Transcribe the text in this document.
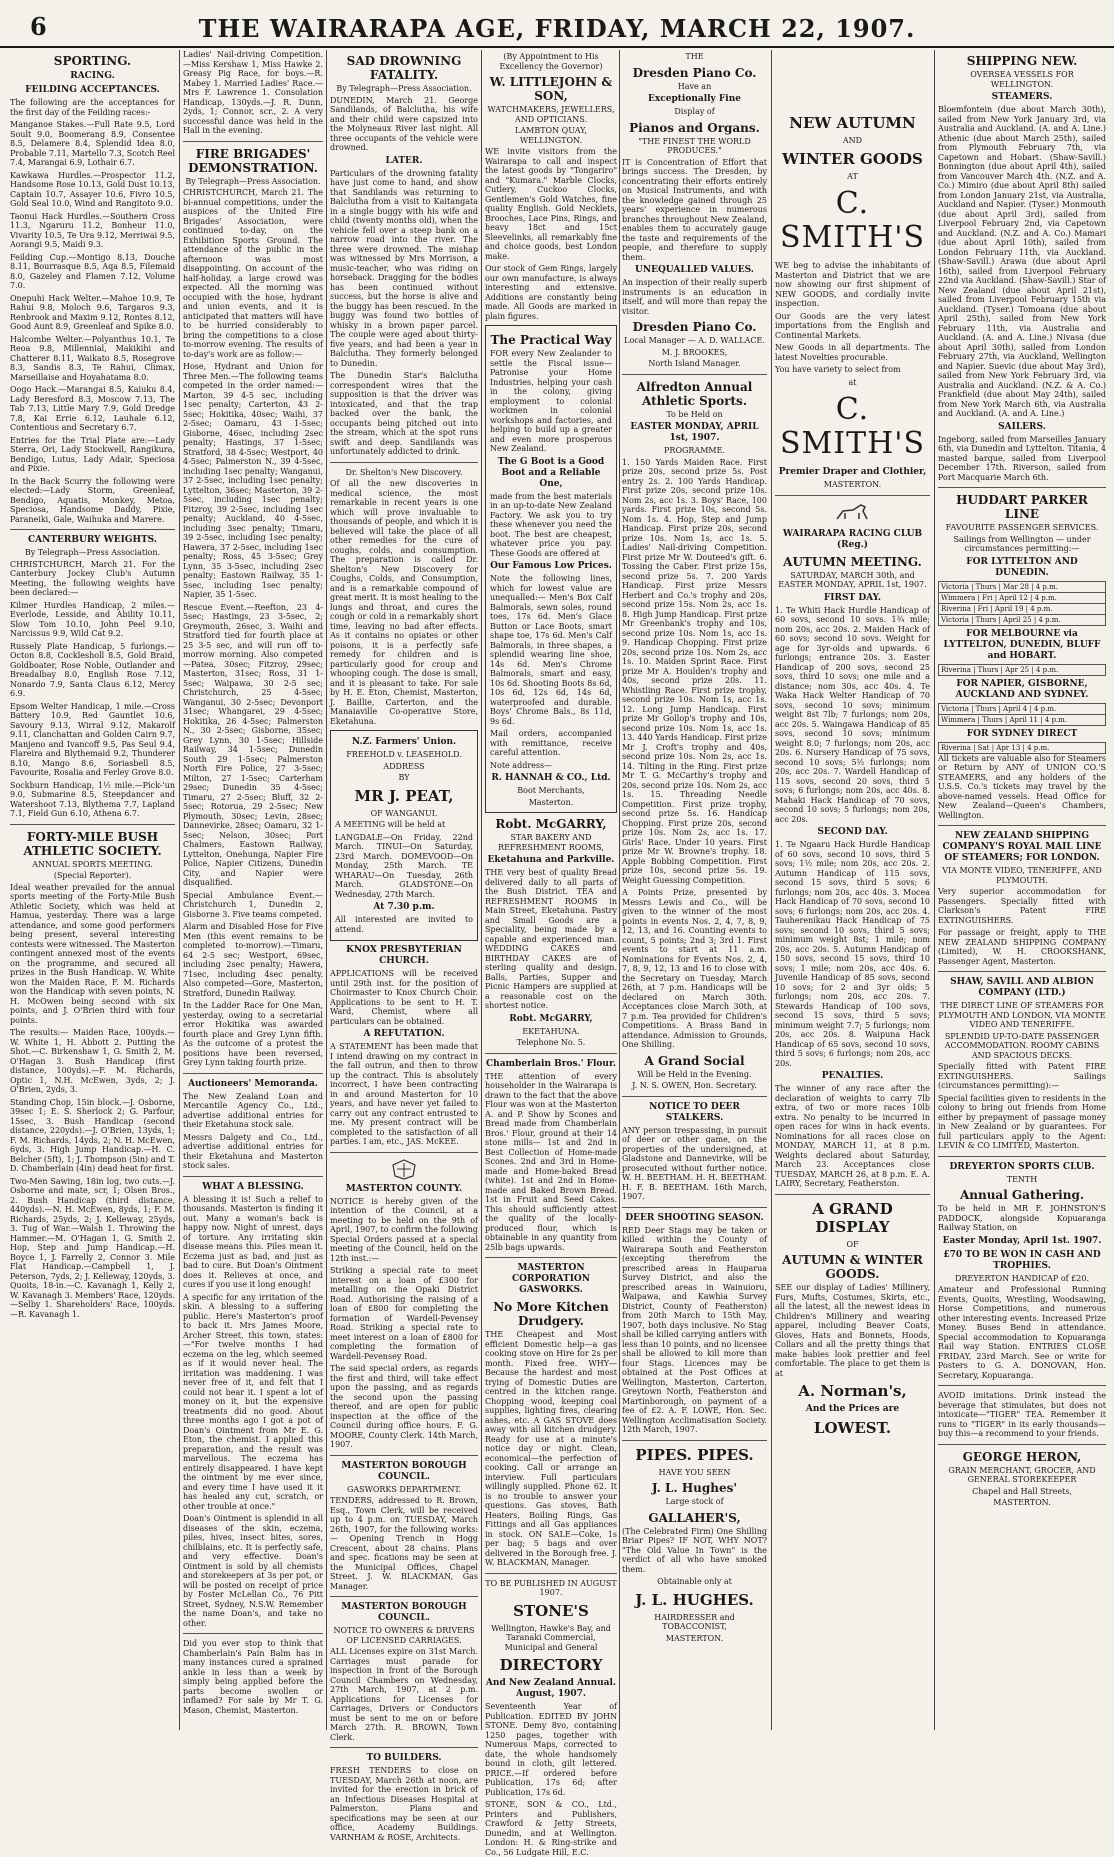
6	THE WAIRARAPA AGE, FRIDAY, MARCH 22, 1907.
SPORTING.
RACING.
FEILDING ACCEPTANCES.

The following are the acceptances for the first day of the Feilding races:-

Manganoe Stakes.—Full Rate 9.5, Lord Soult 9.0, Boomerang 8.9, Consentee 8.5, Delamere 8.4, Splendid Idea 8.0, Probable 7.11, Martello 7.3, Scotch Reel 7.4, Marangai 6.9, Lothair 6.7.

Kawkawa Hurdles.—Prospector 11.2, Handsome Rose 10.13, Gold Dust 10.13, Captain 10.7, Assayer 10.6, Fivro 10.5, Gold Seal 10.0, Wind and Rangitoto 9.0.

Taonui Hack Hurdles.—Southern Cross 11.3, Ngaruru 11.2, Bonheur 11.0, Vivarity 10.5, Te Ura 9.12, Merriwai 9.5, Aorangi 9.5, Maidi 9.3.

Feilding Cup.—Montigo 8.13, Douche 8.11, Bourrasque 8.5, Aqa 8.5, Filemaid 8.0, Gazeley and Flamen 7.12, Volume 7.0.

Onepuhi Hack Welter.—Mahoe 10.9, Te Rahui 9.8, Moloch 9.6, Targaros 9.3, Renbrook and Maxim 9.12, Rontes 8.12, Good Aunt 8.9, Greenleaf and Spike 8.0.

Halcombe Welter.—Polyanthus 10.1, Te Reoa 9.8, Millennial, Makikihi and Chatterer 8.11, Waikato 8.5, Rosegrove 8.3, Sandis 8.3, Te Rahui, Climax, Marseillaise and Hoyahatama 8.0.

Oogo Hack.—Marangai 8.5, Kaiuku 8.4, Lady Beresford 8.3, Moscow 7.13, The Tab 7.13, Little Mary 7.9, Gold Dredge 7.8, Kai Errie 6.12, Lauhale 6.12, Contentious and Secretary 6.7.

Entries for the Trial Plate are:—Lady Sterra, Ori, Lady Stockwell, Rangikura, Bendigo, Lutus, Lady Adair, Speciosa and Pixie.

In the Back Scurry the following were elected:—Lady Storm, Greenleaf, Bendigo, Aquatis, Monkey, Metoa, Speciosa, Handsome Daddy, Pixie, Paraneiki, Gale, Waihuka and Marere.

CANTERBURY WEIGHTS.
By Telegraph—Press Association.

CHRISTCHURCH, March 21. For the Canterbury Jockey Club's Autumn Meeting, the following weights have been declared:—

Kilmer Hurdles Handicap, 2 miles.—Everlode, Lesside, and Ability 10.11, Slow Tom 10.10, John Peel 9.10, Narcissus 9.9, Wild Cat 9.2.

Russely Plate Handicap, 5 furlongs.—Octon 8.8, Cocklesholl 8.5, Gold Braid, Goldboater, Rose Noble, Outlander and Breadalbay 8.0, English Rose 7.12, Nonardo 7.9, Santa Claus 6.12, Mercy 6.9.

Epsom Welter Handicap, 1 mile.—Cross Battery 10.9, Red Gauntlet 10.6, Savoury 9.13, Wirral 9.12, Makarolf 9.11, Clanchattan and Golden Cairn 9.7, Manjeno and Ivancoff 9.5, Pas Seul 9.4, Flareira and Blythemaid 9.2, Thunderer 8.10, Mango 8.6, Soriasbell 8.5, Favourite, Rosalia and Ferley Grove 8.0.

Sockburn Handicap, 1½ mile.—Pick-'un 9.0, Submarine 8.5, Steepdancer and Watershoot 7.13, Blythema 7.7, Lapland 7.1, Field Gun 6.10, Athena 6.7.

FORTY-MILE BUSH ATHLETIC SOCIETY.
ANNUAL SPORTS MEETING.
(Special Reporter).

Ideal weather prevailed for the annual sports meeting of the Forty-Mile Bush Athletic Society, which was held at Hamua, yesterday. There was a large attendance, and some good performers being present, several interesting contests were witnessed. The Masterton contingent annexed most of the events on the programme, and secured all prizes in the Bush Handicap. W. White won the Maiden Race, F. M. Richards won the Handicap with seven points, N. H. McOwen being second with six points, and J. O'Brien third with four points.

The results:— Maiden Race, 100yds.—W. White 1, H. Abbott 2. Putting the Shot.—C. Birkenshaw 1, G. Smith 2, M. O'Hagan 3. Bush Handicap (first distance, 100yds).—F. M. Richards, Optic 1, N.H. McEwen, 3yds, 2; J. O'Brien, 2yds, 3.

Standing Chop, 15in block.—J. Osborne, 39sec 1; E. S. Sherlock 2; G. Parfour, 15sec, 3. Bush Handicap (second distance, 220yds).—J. O'Brien, 13yds, 1; F. M. Richards, 14yds, 2; N. H. McEwen, 6yds, 3. High Jump Handicap.—H. C. Belcher (5ft), 1; J. Thompson (5in) and T. D. Chamberlain (4in) dead heat for first.

Two-Men Sawing, 18in log, two cuts.—J. Osborne and mate, scr, 1; Olsen Bros., 2. Bush Handicap (third distance, 440yds).—N. H. McEwen, 8yds, 1; F. M. Richards, 25yds, 2; J. Kelleway, 25yds, 3. Tug of War.—Walsh 1. Throwing the Hammer.—M. O'Hagan 1, G. Smith 2. Hop, Step and Jump Handicap.—H. Boyce 1, J. Farrelly 2, Connor 3. Mile Flat Handicap.—Campbell 1, J. Peterson, 7yds, 2; J. Kelleway, 120yds, 3. Quoits, 18-in.—C. Kavanagh 1, Kelly 2, W. Kavanagh 3. Members' Race, 120yds.—Selby 1. Shareholders' Race, 100yds.—R. Kavanagh 1.

Ladies' Nail-driving Competition.—Miss Kershaw 1, Miss Hawke 2. Greasy Pig Race, for boys.—R. Mabey 1. Married Ladies' Race.—Mrs F. Lawrence 1. Consolation Handicap, 130yds.—J. R. Dunn, 2yds, 1; Connor, scr., 2. A very successful dance was held in the Hall in the evening.

FIRE BRIGADES' DEMONSTRATION.
By Telegraph—Press Association.

CHRISTCHURCH, March 21. The bi-annual competitions, under the auspices of the United Fire Brigades' Association, were continued to-day, on the Exhibition Sports Ground. The attendance of the public in the afternoon was most disappointing. On account of the half-holiday, a large crowd was expected. All the morning was occupied with the hose, hydrant and union events, and it is anticipated that matters will have to be hurried considerably to bring the competitions to a close to-morrow evening. The results of to-day's work are as follow:—

Hose, Hydrant and Union for Three Men.—The following teams competed in the order named:—Marton, 39 4-5 sec, including 1sec penalty; Carterton, 43 2-5sec; Hokitika, 40sec; Waihi, 37 2-5sec; Oamaru, 43 1-5sec; Gisborne, 46sec, including 2sec penalty; Hastings, 37 1-5sec; Stratford, 38 4-5sec; Westport, 40 4-5sec; Palmerston N., 39 4-5sec, including 1sec penalty; Wanganui, 37 2-5sec, including 1sec penalty; Lyttelton, 36sec; Masterton, 39 2-5sec, including 1sec penalty; Fitzroy, 39 2-5sec, including 1sec penalty; Auckland, 40 4-5sec, including 3sec penalty; Timaru, 39 2-5sec, including 1sec penalty; Hawera, 37 2-5sec, including 1sec penalty; Ross, 45 3-5sec; Grey Lynn, 35 3-5sec, including 2sec penalty; Eastown Railway, 35 1-5sec, including 1sec penalty; Napier, 35 1-5sec.

Rescue Event.—Reefton, 23 4-5sec; Hastings, 23 3-5sec, 2; Greymouth, 26sec, 3. Waihi and Stratford tied for fourth place at 25 3-5 sec, and will run off to-morrow morning. Also competed—Patea, 30sec; Fitzroy, 29sec; Masterton, 31sec; Ross, 31 1-5sec; Waipawa, 30 2-5 sec; Christchurch, 25 4-5sec; Wanganui, 30 2-5sec; Devonport 31sec; Whangarei, 29 4-5sec; Hokitika, 26 4-5sec; Palmerston N., 30 2-5sec; Gisborne, 35sec; Grey Lynn, 30 1-5sec; Hillside Railway, 34 1-5sec; Dunedin South 29 1-5sec; Palmerston North Fire Police, 27 3-5sec; Milton, 27 1-5sec; Carterham 29sec; Dunedin 35 4-5sec; Timaru, 27 2-5sec; Bluff, 32 2-5sec; Rotorua, 29 2-5sec; New Plymouth, 30sec; Levin, 28sec; Dannevirke, 28sec; Oamaru, 32 1-5sec; Nelson, 30sec; Port Chalmers, Eastown Railway, Lyttelton, Onehunga, Napier Fire Police, Napier Citizens, Dunedin City, and Napier were disqualified.

Special Ambulance Event.—Christchurch 1, Dunedin 2, Gisborne 3. Five teams competed.

Alarm and Disabled Hose for Five Men (this event remains to be completed to-morrow).—Timaru, 64 2-5 sec; Westport, 69sec, including 2sec penalty; Hawera, 71sec, including 4sec penalty. Also competed—Gore, Masterton, Stratford, Dunedin Railway.

In the Ladder Race for One Man, yesterday, owing to a secretarial error Hokitika was awarded fourth place and Grey Lynn fifth. As the outcome of a protest the positions have been reversed, Grey Lynn taking fourth prize.

Auctioneers' Memoranda.

The New Zealand Loan and Mercantile Agency Co., Ltd., advertise additional entries for their Eketahuna stock sale.

Messrs Dalgety and Co., Ltd., advertise additional entries for their Eketahuna and Masterton stock sales.

WHAT A BLESSING.

A blessing it is! Such a relief to thousands. Masterton is finding it out. Many a woman's back is happy now. Night of unrest, days of torture. Any irritating skin disease means this. Piles mean it. Eczema just as bad, and just as bad to cure. But Doan's Ointment does it. Relieves at once, and cures if you use it long enough!

A specific for any irritation of the skin. A blessing to a suffering public. Here's Masterton's proof to back it. Mrs James Moore, Archer Street, this town, states:—"For twelve months I had eczema on the leg, which seemed as if it would never heal. The irritation was maddening. I was never free of it, and felt that I could not bear it. I spent a lot of money on it, but the expensive treatments did no good. About three months ago I got a pot of Doan's Ointment from Mr E. G. Eton, the chemist. I applied this preparation, and the result was marvellous. The eczema has entirely disappeared. I have kept the ointment by me ever since, and every time I have used it it has healed any cut, scratch, or other trouble at once."

Doan's Ointment is splendid in all diseases of the skin, eczema, piles, hives, insect bites, sores, chilblains, etc. It is perfectly safe, and very effective. Doan's Ointment is sold by all chemists and storekeepers at 3s per pot, or will be posted on receipt of price by Foster McLellan Co., 76 Pitt Street, Sydney, N.S.W. Remember the name Doan's, and take no other.

Did you ever stop to think that Chamberlain's Pain Balm has in many instances cured a sprained ankle in less than a week by simply being applied before the parts become swollen or inflamed? For sale by Mr T. G. Mason, Chemist, Masterton.

SAD DROWNING FATALITY.
By Telegraph—Press Association.

DUNEDIN, March 21. George Sandilands, of Balclutha, his wife and their child were capsized into the Molyneaux River last night. All three occupants of the vehicle were drowned.

LATER.

Particulars of the drowning fatality have just come to hand, and show that Sandilands was returning to Balclutha from a visit to Kaitangata in a single buggy with his wife and child (twenty months old), when the vehicle fell over a steep bank on a narrow road into the river. The three were drowned. The mishap was witnessed by Mrs Morrison, a music-teacher, who was riding on horseback. Dragging for the bodies has been continued without success, but the horse is alive and the buggy has been rescued. In the buggy was found two bottles of whisky in a brown paper parcel. The couple were aged about thirty-five years, and had been a year in Balclutha. They formerly belonged to Dunedin.

The Dunedin Star's Balclutha correspondent wires that the supposition is that the driver was intoxicated, and that the trap backed over the bank, the occupants being pitched out into the stream, which at the spot runs swift and deep. Sandilands was unfortunately addicted to drink.

Dr. Shelton's New Discovery.

Of all the new discoveries in medical science, the most remarkable in recent years is one which will prove invaluable to thousands of people, and which it is believed will take the place of all other remedies for the cure of coughs, colds, and consumption. The preparation is called Dr. Shelton's New Discovery for Coughs, Colds, and Consumption, and is a remarkable compound of great merit. It is most healing to the lungs and throat, and cures the cough or cold in a remarkably short time, leaving no bad after effects. As it contains no opiates or other poisons, it is a perfectly safe remedy for children and is particularly good for croup and whooping cough. The dose is small, and it is pleasant to take. For sale by H. E. Eton, Chemist, Masterton, J. Baillie, Carterton, and the Manaiaville Co-operative Store, Eketahuna.

N.Z. Farmers' Union.
FREEHOLD v. LEASEHOLD.
ADDRESS
BY
MR J. PEAT,
OF WANGANUI.

A MEETING will be held at

LANGDALE—On Friday, 22nd March. TINUI—On Saturday, 23rd March. DOMEVOOD—On Monday, 25th March. TE WHARAU—On Tuesday, 26th March. GLADSTONE—On Wednesday, 27th March.

At 7.30 p.m.

All interested are invited to attend.

KNOX PRESBYTERIAN CHURCH.

APPLICATIONS will be received until 29th inst. for the position of Choirmaster to Knox Church Choir. Applications to be sent to H. T. Ward, Chemist, where all particulars can be obtained.

A REFUTATION.

A STATEMENT has been made that I intend drawing on my contract in the fall outrun, and then to throw up the contract. This is absolutely incorrect, I have been contracting in and around Masterton for 10 years, and have never yet failed to carry out any contract entrusted to me. My present contract will be completed to the satisfaction of all parties. I am, etc., JAS. McKEE.

MASTERTON COUNTY.

NOTICE is hereby given of the intention of the Council, at a meeting to be held on the 9th of April, 1907, to confirm the following Special Orders passed at a special meeting of the Council, held on the 12th inst.:—

Striking a special rate to meet interest on a loan of £300 for metalling on the Opaki District Road. Authorising the raising of a loan of £800 for completing the formation of Wardell-Pevensey Road. Striking a special rate to meet interest on a loan of £800 for completing the formation of Wardell-Pevensey Road.

The said special orders, as regards the first and third, will take effect upon the passing, and as regards the second upon the passing thereof, and are open for public inspection at the office of the Council during office hours. F. G. MOORE, County Clerk. 14th March, 1907.

MASTERTON BOROUGH COUNCIL.
GASWORKS DEPARTMENT.

TENDERS, addressed to R. Brown, Esq., Town Clerk, will be received up to 4 p.m. on TUESDAY, March 26th, 1907, for the following works:— Opening Trench in Hogg Crescent, about 28 chains. Plans and spec. fications may be seen at the Municipal Offices, Chapel Street. J. W. BLACKMAN, Gas Manager.

MASTERTON BOROUGH COUNCIL.
NOTICE TO OWNERS & DRIVERS OF LICENSED CARRIAGES.

ALL Licenses expire on 31st March. Carriages must parade for inspection in front of the Borough Council Chambers on Wednesday, 27th March, 1907, at 2 p.m. Applications for Licenses for Carriages, Drivers or Conductors must be sent to me on or before March 27th. R. BROWN, Town Clerk.

TO BUILDERS.

FRESH TENDERS to close on TUESDAY, March 26th at noon, are invited for the erection in brick of an Infectious Diseases Hospital at Palmerston. Plans and specifications may be seen at our office, Academy Buildings. VARNHAM & ROSE, Architects.

(By Appointment to His Excellency the Governor)
W. LITTLEJOHN & SON,
WATCHMAKERS, JEWELLERS, AND OPTICIANS.
LAMBTON QUAY, WELLINGTON.

WE invite visitors from the Wairarapa to call and inspect the latest goods by "Tongariro" and "Kumara." Marble Clocks, Cutlery, Cuckoo Clocks, Gentlemen's Gold Watches, fine quality English. Gold Necklets, Brooches, Lace Pins, Rings, and heavy 18ct and 15ct Sleevelinks, all remarkably fine and choice goods, best London make.

Our stock of Gem Rings, largely our own manufacture, is always interesting and extensive. Additions are constantly being made. All Goods are marked in plain figures.

The Practical Way

FOR every New Zealander to settle the Fiscal issue—Patronise your Home Industries, helping your cash in the colony, giving employment to colonial workmen in colonial workshops and factories, and helping to build up a greater and even more prosperous New Zealand.

The G Boot is a Good Boot and a Reliable One,

made from the best materials in an up-to-date New Zealand Factory. We ask you to try these whenever you need the boot. The best are cheapest, whatever price you pay. These Goods are offered at

Our Famous Low Prices.

Note the following lines, which for lowest value are unequalled:— Men's Box Calf Balmorals, sewn soles, round toes, 17s 6d. Men's Glace Button or Lace Boots, smart shape toe, 17s 6d. Men's Calf Balmorals, in three shapes, a splendid wearing line shoe, 14s 6d. Men's Chrome Balmorals, smart and easy, 10s 6d. Shooting Boots 8s 6d, 10s 6d, 12s 6d, 14s 6d, waterproofed and durable. Boys' Chrome Bals., 8s 11d, 9s 6d.

Mail orders, accompanied with remittance, receive careful attention.

Note address—

R. HANNAH & CO., Ltd.
Boot Merchants,
Masterton.
Robt. McGARRY,
STAR BAKERY AND REFRESHMENT ROOMS,
Eketahuna and Parkville.

THE very best of quality Bread delivered daily to all parts of the Bush District. TEA and REFRESHMENT ROOMS in Main Street, Eketahuna. Pastry and Small Goods are a Speciality, being made by a capable and experienced man. WEDDING CAKES and BIRTHDAY CAKES are of sterling quality and design. Balls, Parties, Supper and Picnic Hampers are supplied at a reasonable cost on the shortest notice.

Robt. McGARRY,
EKETAHUNA.
Telephone No. 5.
Chamberlain Bros.' Flour.

THE attention of every householder in the Wairarapa is drawn to the fact that the above Flour was won at the Masterton A. and P. Show by Scones and Bread made from Chamberlain Bros.' Flour, ground at their 14 stone mills— 1st and 2nd in Best Collection of Home-made Scones. 2nd and 3rd in Home-made and Home-baked Bread (white). 1st and 2nd in Home-made and Baked Brown Bread. 1st in Fruit and Seed Cakes. This should sufficiently attest the quality of the locally-produced flour, which is obtainable in any quantity from 25lb bags upwards.

MASTERTON CORPORATION GASWORKS.
No More Kitchen Drudgery.

THE Cheapest and Most efficient Domestic help—a gas cooking stove on Hire for 2s per month. Fixed free. WHY—Because the hardest and most trying of Domestic Duties are centred in the kitchen range. Chopping wood, keeping coal supplies, lighting fires, clearing ashes, etc. A GAS STOVE does away with all kitchen drudgery. Ready for use at a minute's notice day or night. Clean, economical—the perfection of cooking. Call or arrange an interview. Full particulars willingly supplied. Phone 62. It is no trouble to answer your questions. Gas stoves, Bath Heaters, Boiling Rings, Gas Fittings and all Gas appliances in stock. ON SALE—Coke, 1s per bag; 5 bags and over delivered in the Borough free. J. W. BLACKMAN, Manager.

TO BE PUBLISHED IN AUGUST 1907.
STONE'S
Wellington, Hawke's Bay, and Taranaki Commercial, Municipal and General
DIRECTORY
And New Zealand Annual. August, 1907.

Seventeenth Year of Publication. EDITED BY JOHN STONE. Demy 8vo, containing 1250 pages, together with Numerous Maps, corrected to date, the whole handsomely bound in cloth, gilt lettered. PRICE.—If ordered before Publication, 17s 6d; after Publication, 17s 6d.

STONE, SON & CO., Ltd., Printers and Publishers, Crawford & Jetty Streets, Dunedin, and at Wellington. London: H. & Ring-strike and Co., 56 Ludgate Hill, E.C.

THE
Dresden Piano Co.
Have an
Exceptionally Fine
Display of
Pianos and Organs.
"THE FINEST THE WORLD PRODUCES."

IT is Concentration of Effort that brings success. The Dresden, by concentrating their efforts entirely on Musical Instruments, and with the knowledge gained through 25 years' experience in numerous branches throughout New Zealand, enables them to accurately gauge the taste and requirements of the people, and therefore to supply them.

UNEQUALLED VALUES.

An inspection of their really superb instruments is an education in itself, and will more than repay the visitor.

Dresden Piano Co.
Local Manager — A. D. WALLACE.
M. J. BROOKES,
North Island Manager.
Alfredton Annual Athletic Sports.
To be Held on
EASTER MONDAY, APRIL 1st, 1907.
PROGRAMME.

1. 150 Yards Maiden Race. First prize 20s, second prize 5s. Post entry 2s. 2. 100 Yards Handicap. First prize 20s, second prize 10s. Nom 2s, acc 1s. 3. Boys' Race, 100 yards. First prize 10s, second 5s. Nom 1s. 4. Hop, Step and Jump Handicap. First prize 20s, second prize 10s. Nom 1s, acc 1s. 5. Ladies' Nail-driving Competition. First prize Mr W. Douteed's gift. 6. Tossing the Caber. First prize 15s, second prize 5s. 7. 200 Yards Handicap. First prize Messrs Herbert and Co.'s trophy and 20s, second prize 15s. Nom 2s, acc 1s. 8. High Jump Handicap. First prize Mr Greenbank's trophy and 10s, second prize 10s. Nom 1s, acc 1s. 9. Handicap Chopping. First prize 20s, second prize 10s. Nom 2s, acc 1s. 10. Maiden Sprint Race. First prize Mr A. Houlden's trophy and 40s, second prize 20s. 11. Whistling Race. First prize trophy, second prize 10s. Nom 1s, acc 1s. 12. Long Jump Handicap. First prize Mr Gollop's trophy and 10s, second prize 10s. Nom 1s, acc 1s. 13. 440 Yards Handicap. First prize Mr J. Croft's trophy and 40s, second prize 10s. Nom 2s, acc 1s. 14. Tilting in the Ring. First prize Mr T. G. McCarthy's trophy and 20s, second prize 10s. Nom 2s, acc 1s. 15. Threading Needle Competition. First prize trophy, second prize 5s. 16. Handicap Chopping. First prize 20s, second prize 10s. Nom 2s, acc 1s. 17. Girls' Race. Under 10 years. First prize Mr W. Browne's trophy. 18. Apple Bobbing Competition. First prize 10s, second prize 5s. 19. Weight Guessing Competition.

A Points Prize, presented by Messrs Lewis and Co., will be given to the winner of the most points in events Nos. 2, 4, 7, 8, 9, 12, 13, and 16. Counting events to count, 5 points; 2nd 3; 3rd 1. First events to start at 11 a.m. Nominations for Events Nos. 2, 4, 7, 8, 9, 12, 13 and 16 to close with the Secretary on Tuesday, March 26th, at 7 p.m. Handicaps will be declared on March 30th. Acceptances close March 30th, at 7 p.m. Tea provided for Children's Competitions. A Brass Band in attendance. Admission to Grounds, One Shilling.

A Grand Social
Will be Held in the Evening.
J. N. S. OWEN, Hon. Secretary.
NOTICE TO DEER STALKERS.

ANY person trespassing, in pursuit of deer or other game, on the properties of the undersigned, at Gladstone and Dannevirke, will be prosecuted without further notice. W. H. BEETHAM. H. H. BEETHAM. H. F. B. BEETHAM. 16th March, 1907.

DEER SHOOTING SEASON.

RED Deer Stags may be taken or killed within the County of Wairarapa South and Featherston (excepting therefrom the prescribed areas in Hauparua Survey District, and also the prescribed areas in Wainuioru, Waipawa, and Kawhia Survey District, County of Featherston) from 20th March to 15th May, 1907, both days inclusive. No Stag shall be killed carrying antlers with less than 10 points, and no licensee shall be allowed to kill more than four Stags. Licences may be obtained at the Post Offices at Wellington, Masterton, Carterton, Greytown North, Featherston and Martinborough, on payment of a fee of £2. A. F. LOWE, Hon. Sec. Wellington Acclimatisation Society. 12th March, 1907.

PIPES. PIPES.
HAVE YOU SEEN
J. L. Hughes'
Large stock of
GALLAHER'S,

(The Celebrated Firm) One Shilling Briar Pipes? IF NOT, WHY NOT? "The Old Value In Town" is the verdict of all who have smoked them.

Obtainable only at
J. L. HUGHES.
HAIRDRESSER and TOBACCONIST,
MASTERTON.
NEW AUTUMN
AND
WINTER GOODS
AT
C. SMITH'S

WE beg to advise the inhabitants of Masterton and District that we are now showing our first shipment of NEW GOODS, and cordially invite inspection.

Our Goods are the very latest importations from the English and Continental Markets.

New Goods in all departments. The latest Novelties procurable.

You have variety to select from

at
C. SMITH'S
Premier Draper and Clothier,
MASTERTON.
WAIRARAPA RACING CLUB (Reg.)
AUTUMN MEETING.
SATURDAY, MARCH 30th, and EASTER MONDAY, APRIL 1st, 1907.
FIRST DAY.

1. Te Whiti Hack Hurdle Handicap of 60 sovs, second 10 sovs. 1¾ mile; nom 20s, acc 20s. 2. Maiden Hack of 60 sovs; second 10 sovs. Weight for age for 3yr-olds and upwards. 6 furlongs; entrance 20s. 3. Easter Handicap of 200 sovs, second 25 sovs, third 10 sovs; one mile and a distance; nom 30s, acc 40s. 4. Te Waka Hack Welter Handicap of 70 sovs, second 10 sovs; minimum weight 8st 7lb; 7 furlongs; nom 20s, acc 20s. 5. Waingawa Handicap of 85 sovs, second 10 sovs; minimum weight 8.0; 7 furlongs; nom 20s, acc 20s. 6. Nursery Handicap of 75 sovs, second 10 sovs; 5½ furlongs; nom 20s, acc 20s. 7. Wardell Handicap of 115 sovs, second 20 sovs, third 5 sovs; 6 furlongs; nom 20s, acc 40s. 8. Mahaki Hack Handicap of 70 sovs, second 10 sovs; 5 furlongs; nom 20s, acc 20s.

SECOND DAY.

1. Te Ngaaru Hack Hurdle Handicap of 60 sovs, second 10 sovs, third 5 sovs; 1½ mile; nom 20s, acc 20s. 2. Autumn Handicap of 115 sovs, second 15 sovs, third 5 sovs; 6 furlongs; nom 20s, acc 40s. 3. Mocea Hack Handicap of 70 sovs, second 10 sovs; 6 furlongs; nom 20s, acc 20s. 4. Tauherenikau Hack Handicap of 75 sovs; second 10 sovs, third 5 sovs; minimum weight 8st; 1 mile; nom 20s, acc 20s. 5. Autumn Handicap of 150 sovs, second 15 sovs, third 10 sovs; 1 mile; nom 20s, acc 40s. 6. Juvenile Handicap of 85 sovs, second 10 sovs; for 2 and 3yr olds; 5 furlongs; nom 20s, acc 20s. 7. Stewards Handicap of 100 sovs, second 15 sovs, third 5 sovs; minimum weight 7.7; 5 furlongs; nom 20s, acc 20s. 8. Waipuna Hack Handicap of 65 sovs, second 10 sovs, third 5 sovs; 6 furlongs; nom 20s, acc 20s.

PENALTIES.

The winner of any race after the declaration of weights to carry 7lb extra, of two or more races 10lb extra. No penalty to be incurred in open races for wins in hack events. Nominations for all races close on MONDAY, MARCH 11, at 8 p.m. Weights declared about Saturday, March 23. Acceptances close TUESDAY, MARCH 26, at 8 p.m. E. A. LAIRY, Secretary, Featherston.

A GRAND DISPLAY
OF
AUTUMN & WINTER GOODS.

SEE our display of Ladies' Millinery, Furs, Mufts, Costumes, Skirts, etc., all the latest, all the newest ideas in Children's Millinery and wearing apparel, including Beaver Coats, Gloves, Hats and Bonnets, Hoods, Collars and all the pretty things that make babies look prettier and feel comfortable. The place to get them is at

A. Norman's,
And the Prices are
LOWEST.
SHIPPING NEW.
OVERSEA VESSELS FOR WELLINGTON.
STEAMERS.

Bloemfontein (due about March 30th), sailed from New York January 3rd, via Australia and Auckland. (A. and A. Line.) Athenic (due about March 25th), sailed from Plymouth February 7th, via Capetown and Hobart. (Shaw-Savill.) Bonnington (due about April 4th), sailed from Vancouver March 4th. (N.Z. and A. Co.) Mimiro (due about April 8th) sailed from London January 21st, via Australia, Auckland and Napier. (Tyser.) Monmouth (due about April 3rd), sailed from Liverpool February 2nd, via Capetown and Auckland. (N.Z. and A. Co.) Mamari (due about April 10th), sailed from London February 11th, via Auckland. (Shaw-Savill.) Arawa (due about April 16th), sailed from Liverpool February 22nd via Auckland. (Shaw-Savill.) Star of New Zealand (due about April 21st), sailed from Liverpool February 15th via Auckland. (Tyser.) Tomoana (due about April 25th), sailed from New York February 11th, via Australia and Auckland. (A. and A. Line.) Nivasa (due about April 30th), sailed from London February 27th, via Auckland, Wellington and Napier. Suevic (due about May 3rd), sailed from New York February 3rd, via Australia and Auckland. (N.Z. & A. Co.) Frankfield (due about May 24th), sailed from New York March 6th, via Australia and Auckland. (A. and A. Line.)

SAILERS.

Ingeborg, sailed from Marseilles January 6th, via Dunedin and Lyttelton. Titania, 4 masted barque, sailed from Liverpool December 17th. Riverson, sailed from Port Macquarie March 6th.

HUDDART PARKER LINE
FAVOURITE PASSENGER SERVICES.
Sailings from Wellington — under circumstances permitting:—
FOR LYTTELTON AND DUNEDIN.
Victoria | Thurs | Mar 28 | 4 p.m.
Wimmera | Fri | April 12 | 4 p.m.
Riverina | Fri | April 19 | 4 p.m.
Victoria | Thurs | April 25 | 4 p.m.
FOR MELBOURNE via LYTTELTON, DUNEDIN, BLUFF and HOBART.
Riverina | Thurs | Apr 25 | 4 p.m.
FOR NAPIER, GISBORNE, AUCKLAND AND SYDNEY.
Victoria | Thurs | April 4 | 4 p.m.
Wimmera | Thurs | April 11 | 4 p.m.
FOR SYDNEY DIRECT
Riverina | Sat | Apr 13 | 4 p.m.

All tickets are valuable also for Steamers or Return by ANY of UNION CO.'S STEAMERS, and any holders of the U.S.S. Co.'s tickets may travel by the above-named vessels. Head Office for New Zealand—Queen's Chambers, Wellington.

NEW ZEALAND SHIPPING COMPANY'S ROYAL MAIL LINE OF STEAMERS; FOR LONDON.
VIA MONTE VIDEO, TENERIFFE, AND PLYMOUTH.

Very superior accommodation for Passengers. Specially fitted with Clarkson's Patent FIRE EXTINGUISHERS.

For passage or freight, apply to THE NEW ZEALAND SHIPPING COMPANY (Limited), W. H. CROOKSHANK, Passenger Agent, Masterton.

SHAW, SAVILL AND ALBION COMPANY (LTD.)
THE DIRECT LINE OF STEAMERS FOR PLYMOUTH AND LONDON, VIA MONTE VIDEO AND TENERIFFE.
SPLENDID UP-TO-DATE PASSENGER ACCOMMODATION. ROOMY CABINS AND SPACIOUS DECKS.

Specially fitted with Patent FIRE EXTINGUISHERS. Sailings (circumstances permitting):—

Special facilities given to residents in the colony to bring out friends from Home either by prepayment of passage money in New Zealand or by guarantees. For full particulars apply to the Agent: LEVIN & CO LIMITED, Masterton.

DREYERTON SPORTS CLUB.
TENTH
Annual Gathering.

To be held in MR F. JOHNSTON'S PADDOCK, alongside Kopuaranga Railway Station, on

Easter Monday, April 1st. 1907.
£70 TO BE WON IN CASH AND TROPHIES.
DREYERTON HANDICAP of £20.

Amateur and Professional Running Events, Quoits, Wrestling, Woodsawing, Horse Competitions, and numerous other interesting events. Increased Prize Money. Buses Bend in attendance. Special accommodation to Kopuaranga Rail way Station. ENTRIES CLOSE FRIDAY, 23rd March. See or write for Posters to G. A. DONOVAN, Hon. Secretary, Kopuaranga.

AVOID imitations. Drink instead the beverage that stimulates, but does not intoxicate—"TIGER" TEA. Remember it runs to "TIGER" in its early thousands—buy this—a recommend to your friends.

GEORGE HERON,
GRAIN MERCHANT, GROCER, AND GENERAL STOREKEEPER
Chapel and Hall Streets,
MASTERTON.
